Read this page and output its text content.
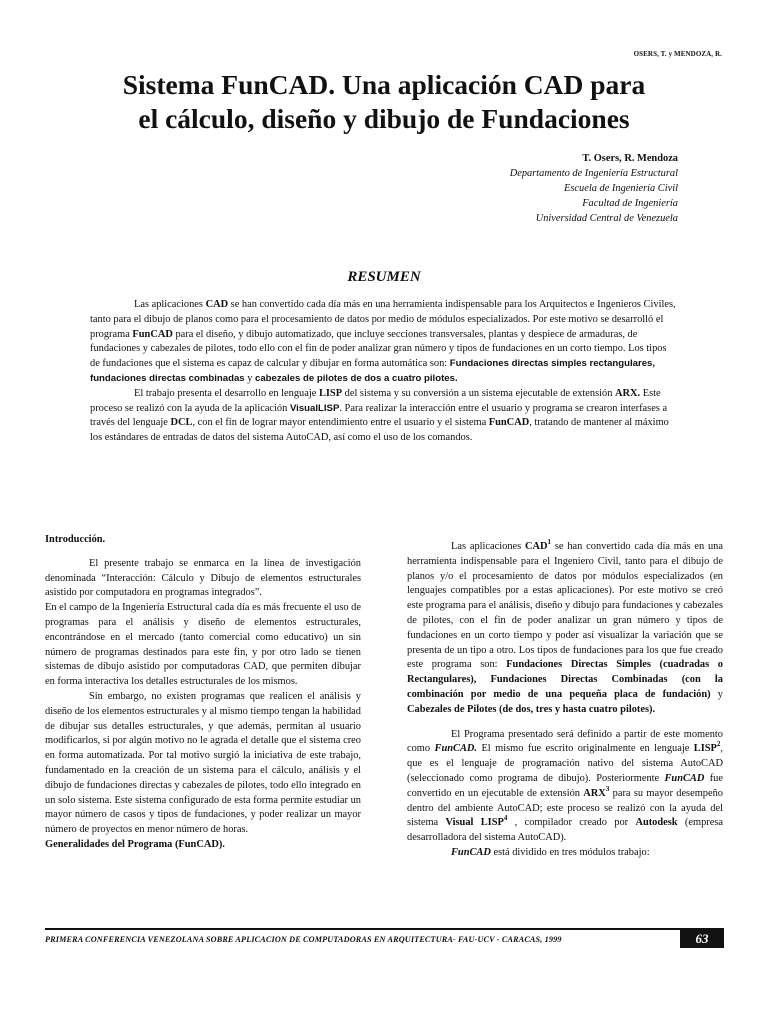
OSERS, T. y MENDOZA, R.
Sistema FunCAD. Una aplicación CAD para
el cálculo, diseño y dibujo de Fundaciones
T. Osers, R. Mendoza
Departamento de Ingeniería Estructural
Escuela de Ingeniería Civil
Facultad de Ingeniería
Universidad Central de Venezuela
RESUMEN

Las aplicaciones CAD se han convertido cada día más en una herramienta indispensable para los Arquitectos e Ingenieros Civiles, tanto para el dibujo de planos como para el procesamiento de datos por medio de módulos especializados. Por este motivo se desarrolló el programa FunCAD para el diseño, y dibujo automatizado, que incluye secciones transversales, plantas y despiece de armaduras, de fundaciones y cabezales de pilotes, todo ello con el fin de poder analizar gran número y tipos de fundaciones en un corto tiempo. Los tipos de fundaciones que el sistema es capaz de calcular y dibujar en forma automática son: Fundaciones directas simples rectangulares, fundaciones directas combinadas y cabezales de pilotes de dos a cuatro pilotes.

El trabajo presenta el desarrollo en lenguaje LISP del sistema y su conversión a un sistema ejecutable de extensión ARX. Este proceso se realizó con la ayuda de la aplicación VisualLISP. Para realizar la interacción entre el usuario y programa se crearon interfases a través del lenguaje DCL, con el fin de lograr mayor entendimiento entre el usuario y el sistema FunCAD, tratando de mantener al máximo los estándares de entradas de datos del sistema AutoCAD, así como el uso de los comandos.

Introducción.

El presente trabajo se enmarca en la línea de investigación denominada “Interacción: Cálculo y Dibujo de elementos estructurales asistido por computadora en programas integrados”.

En el campo de la Ingeniería Estructural cada día es más frecuente el uso de programas para el análisis y diseño de elementos estructurales, encontrándose en el mercado (tanto comercial como educativo) un sin número de programas destinados para este fin, y por otro lado se tienen sistemas de dibujo asistido por computadoras CAD, que permiten dibujar en forma interactiva los detalles estructurales de los mismos.

Sin embargo, no existen programas que realicen el análisis y diseño de los elementos estructurales y al mismo tiempo tengan la habilidad de dibujar sus detalles estructurales, y que además, permitan al usuario modificarlos, si por algún motivo no le agrada el detalle que el sistema creo en forma automatizada. Por tal motivo surgió la iniciativa de este trabajo, fundamentado en la creación de un sistema para el cálculo, análisis y el dibujo de fundaciones directas y cabezales de pilotes, todo ello integrado en un solo sistema. Este sistema configurado de esta forma permite estudiar un mayor número de casos y tipos de fundaciones, y poder realizar un mayor número de proyectos en menor número de horas.

Generalidades del Programa (FunCAD).

Las aplicaciones CAD$^1$ se han convertido cada día más en una herramienta indispensable para el Ingeniero Civil, tanto para el dibujo de planos y/o el procesamiento de datos por módulos especializados (en lenguajes compatibles por a estas aplicaciones). Por este motivo se creó este programa para el análisis, diseño y dibujo para fundaciones y cabezales de pilotes, con el fin de poder analizar un gran número y tipos de fundaciones en un corto tiempo y poder así visualizar la variación que se presenta de un tipo a otro. Los tipos de fundaciones para los que fue creado este programa son: Fundaciones Directas Simples (cuadradas o Rectangulares), Fundaciones Directas Combinadas (con la combinación por medio de una pequeña placa de fundación) y Cabezales de Pilotes (de dos, tres y hasta cuatro pilotes).

El Programa presentado será definido a partir de este momento como FunCAD. El mismo fue escrito originalmente en lenguaje LISP$^2$, que es el lenguaje de programación nativo del sistema AutoCAD (seleccionado como programa de dibujo). Posteriormente FunCAD fue convertido en un ejecutable de extensión ARX$^3$ para su mayor desempeño dentro del ambiente AutoCAD; este proceso se realizó con la ayuda del sistema Visual LISP$^4$ , compilador creado por Autodesk (empresa desarrolladora del sistema AutoCAD).

FunCAD está dividido en tres módulos trabajo:

PRIMERA CONFERENCIA VENEZOLANA SOBRE APLICACION DE COMPUTADORAS EN ARQUITECTURA- FAU-UCV - CARACAS, 1999	63
